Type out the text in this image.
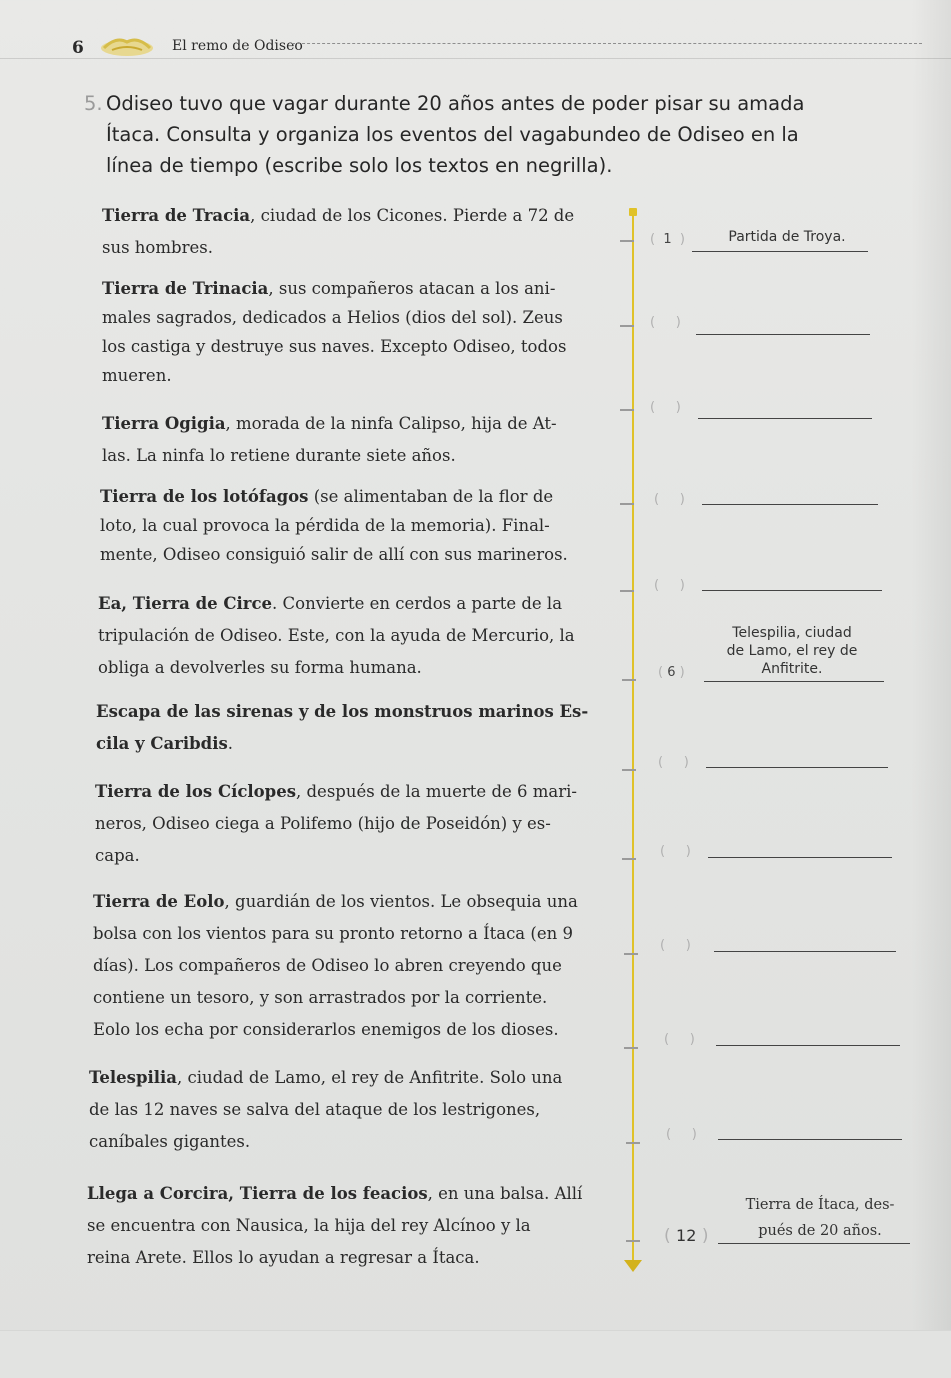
6	El remo de Odiseo
5. Odiseo tuvo que vagar durante 20 años antes de poder pisar su amada
Ítaca. Consulta y organiza los eventos del vagabundeo de Odiseo en la
línea de tiempo (escribe solo los textos en negrilla).
Tierra de Tracia, ciudad de los Cicones. Pierde a 72 de
sus hombres.
Tierra de Trinacia, sus compañeros atacan a los ani-
males sagrados, dedicados a Helios (dios del sol). Zeus
los castiga y destruye sus naves. Excepto Odiseo, todos
mueren.
Tierra Ogigia, morada de la ninfa Calipso, hija de At-
las. La ninfa lo retiene durante siete años.
Tierra de los lotófagos (se alimentaban de la flor de
loto, la cual provoca la pérdida de la memoria). Final-
mente, Odiseo consiguió salir de allí con sus marineros.
Ea, Tierra de Circe. Convierte en cerdos a parte de la
tripulación de Odiseo. Este, con la ayuda de Mercurio, la
obliga a devolverles su forma humana.
Escapa de las sirenas y de los monstruos marinos Es-
cila y Caribdis.
Tierra de los Cíclopes, después de la muerte de 6 mari-
neros, Odiseo ciega a Polifemo (hijo de Poseidón) y es-
capa.
Tierra de Eolo, guardián de los vientos. Le obsequia una
bolsa con los vientos para su pronto retorno a Ítaca (en 9
días). Los compañeros de Odiseo lo abren creyendo que
contiene un tesoro, y son arrastrados por la corriente.
Eolo los echa por considerarlos enemigos de los dioses.
Telespilia, ciudad de Lamo, el rey de Anfitrite. Solo una
de las 12 naves se salva del ataque de los lestrigones,
caníbales gigantes.
Llega a Corcira, Tierra de los feacios, en una balsa. Allí
se encuentra con Nausica, la hija del rey Alcínoo y la
reina Arete. Ellos lo ayudan a regresar a Ítaca.
( 1 )	Partida de Troya.
( )
( )
( )
( )
Telespilia, ciudad
de Lamo, el rey de
Anfitrite.
( 6 )
( )
( )
( )
( )
( )
Tierra de Ítaca, des-
pués de 20 años.
( 12 )
